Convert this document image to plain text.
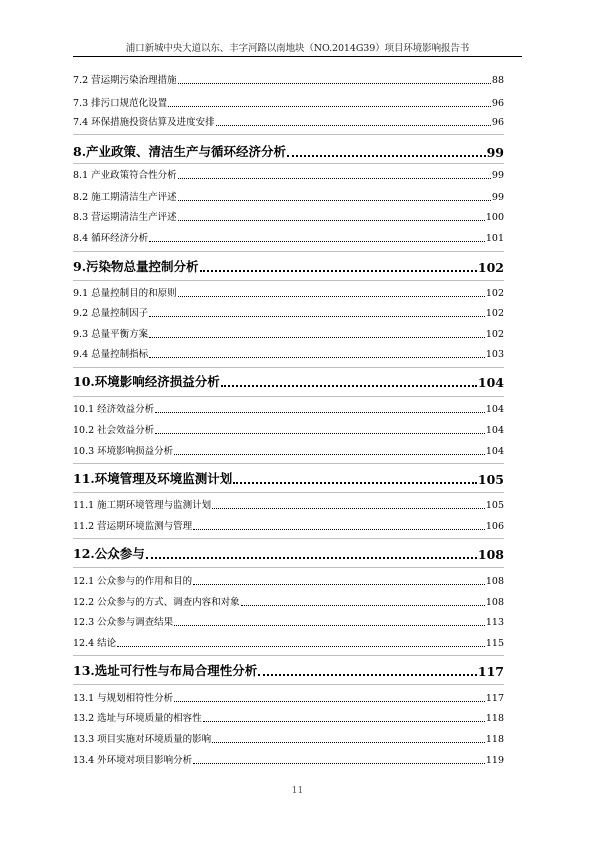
浦口新城中央大道以东、丰字河路以南地块（NO.2014G39）项目环境影响报告书
7.2 营运期污染治理措施	88
7.3 排污口规范化设置	96
7.4 环保措施投资估算及进度安排	96
8.产业政策、清洁生产与循环经济分析	99
8.1 产业政策符合性分析	99
8.2 施工期清洁生产评述	99
8.3 营运期清洁生产评述	100
8.4 循环经济分析	101
9.污染物总量控制分析	102
9.1 总量控制目的和原则	102
9.2 总量控制因子	102
9.3 总量平衡方案	102
9.4 总量控制指标	103
10.环境影响经济损益分析	104
10.1 经济效益分析	104
10.2 社会效益分析	104
10.3 环境影响损益分析	104
11.环境管理及环境监测计划	105
11.1 施工期环境管理与监测计划	105
11.2 营运期环境监测与管理	106
12.公众参与	108
12.1 公众参与的作用和目的	108
12.2 公众参与的方式、调查内容和对象	108
12.3 公众参与调查结果	113
12.4 结论	115
13.选址可行性与布局合理性分析	117
13.1 与规划相符性分析	117
13.2 选址与环境质量的相容性	118
13.3 项目实施对环境质量的影响	118
13.4 外环境对项目影响分析	119
11
